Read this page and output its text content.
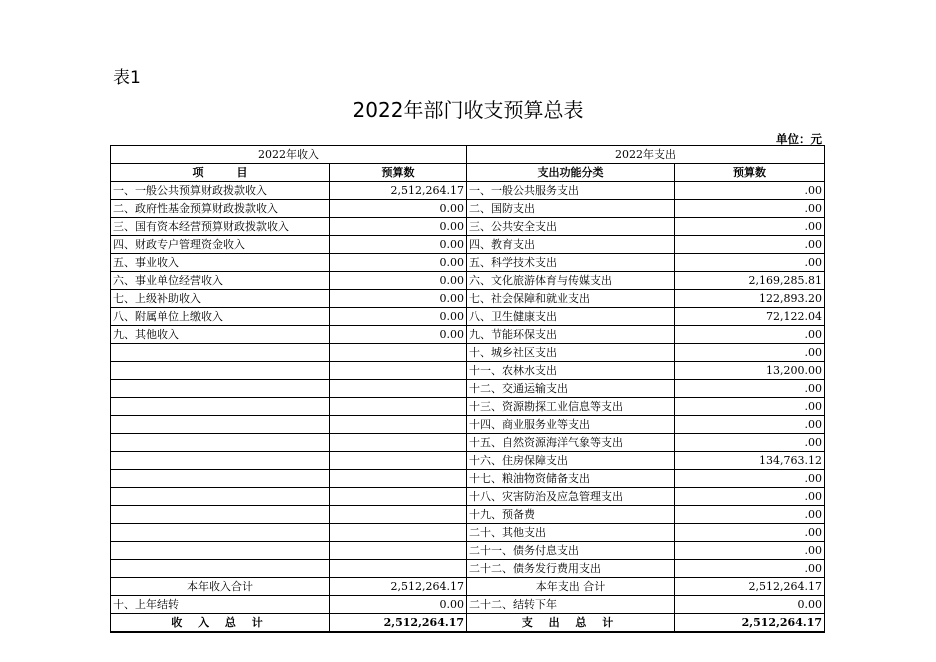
表1
2022年部门收支预算总表
单位：元
2022年收入		2022年支出	
项　　　目	预算数	支出功能分类	预算数
一、一般公共预算财政拨款收入	2,512,264.17	一、一般公共服务支出	.00
二、政府性基金预算财政拨款收入	0.00	二、国防支出	.00
三、国有资本经营预算财政拨款收入	0.00	三、公共安全支出	.00
四、财政专户管理资金收入	0.00	四、教育支出	.00
五、事业收入	0.00	五、科学技术支出	.00
六、事业单位经营收入	0.00	六、文化旅游体育与传媒支出	2,169,285.81
七、上级补助收入	0.00	七、社会保障和就业支出	122,893.20
八、附属单位上缴收入	0.00	八、卫生健康支出	72,122.04
九、其他收入	0.00	九、节能环保支出	.00
		十、城乡社区支出	.00
		十一、农林水支出	13,200.00
		十二、交通运输支出	.00
		十三、资源勘探工业信息等支出	.00
		十四、商业服务业等支出	.00
		十五、自然资源海洋气象等支出	.00
		十六、住房保障支出	134,763.12
		十七、粮油物资储备支出	.00
		十八、灾害防治及应急管理支出	.00
		十九、预备费	.00
		二十、其他支出	.00
		二十一、债务付息支出	.00
		二十二、债务发行费用支出	.00
本年收入合计	2,512,264.17	本年支出 合计	2,512,264.17
十、上年结转	0.00	二十二、结转下年	0.00
收 入 总 计	2,512,264.17	支 出 总 计	2,512,264.17
